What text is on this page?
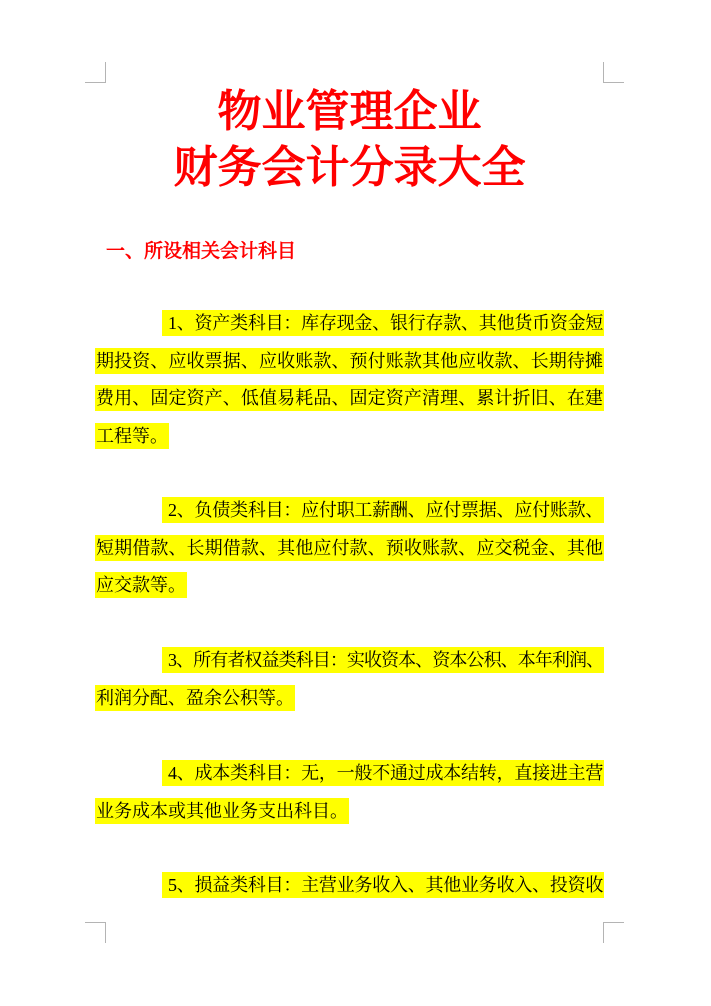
物业管理企业
财务会计分录大全
一、所设相关会计科目
1、资产类科目：库存现金、银行存款、其他货币资金短
期投资、应收票据、应收账款、预付账款其他应收款、长期待摊
费用、固定资产、低值易耗品、固定资产清理、累计折旧、在建
工程等。
2、负债类科目：应付职工薪酬、应付票据、应付账款、
短期借款、长期借款、其他应付款、预收账款、应交税金、其他
应交款等。
3、所有者权益类科目：实收资本、资本公积、本年利润、
利润分配、盈余公积等。
4、成本类科目：无，一般不通过成本结转，直接进主营
业务成本或其他业务支出科目。
5、损益类科目：主营业务收入、其他业务收入、投资收
